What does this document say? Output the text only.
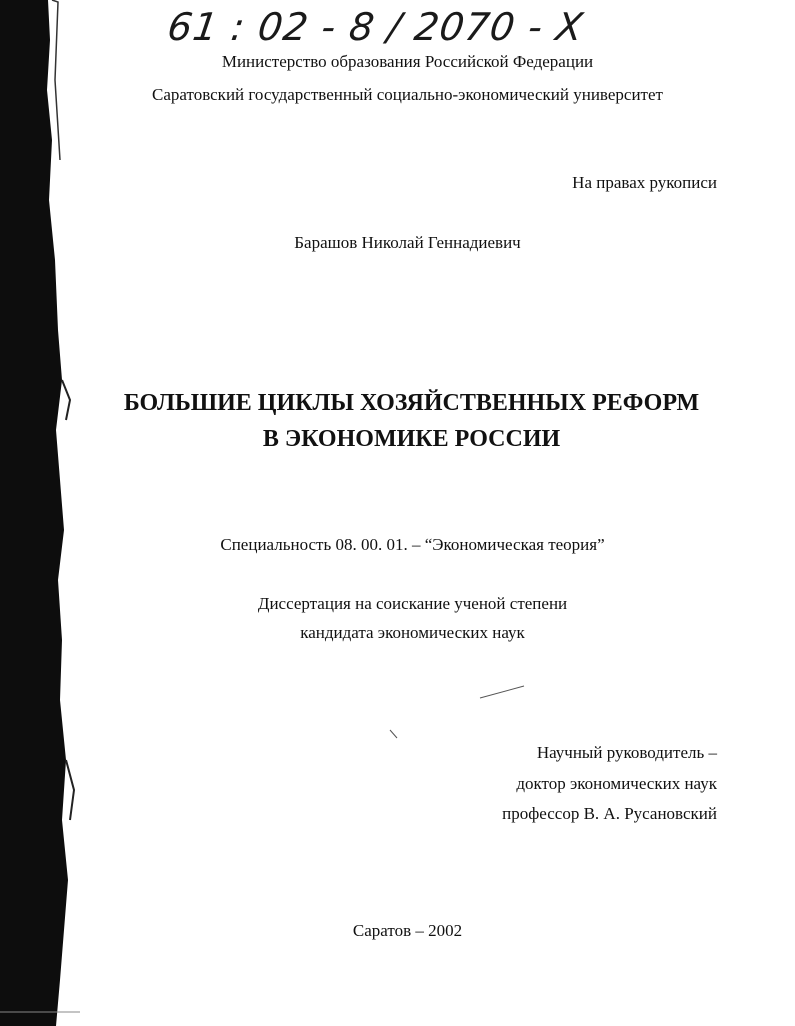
61 : 02 - 8 / 2070 - X
Министерство образования Российской Федерации
Саратовский государственный социально-экономический университет
На правах рукописи
Барашов Николай Геннадиевич
БОЛЬШИЕ ЦИКЛЫ ХОЗЯЙСТВЕННЫХ РЕФОРМ
В ЭКОНОМИКЕ РОССИИ
Специальность 08. 00. 01. – “Экономическая теория”
Диссертация на соискание ученой степени
кандидата экономических наук
Научный руководитель –
доктор экономических наук
профессор В. А. Русановский
Саратов – 2002
